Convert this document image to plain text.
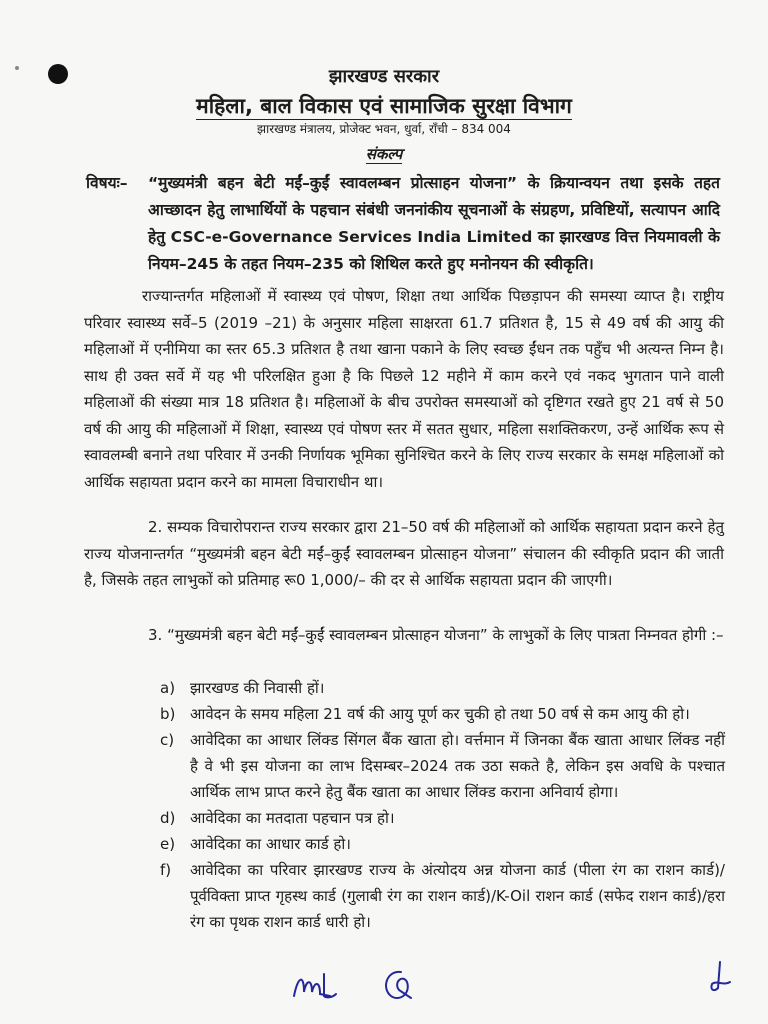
झारखण्ड सरकार
महिला, बाल विकास एवं सामाजिक सुरक्षा विभाग
झारखण्ड मंत्रालय, प्रोजेक्ट भवन, धुर्वा, राँची – 834 004
संकल्प
विषयः– “मुख्यमंत्री बहन बेटी मईं–कुईं स्वावलम्बन प्रोत्साहन योजना” के क्रियान्वयन तथा इसके तहत आच्छादन हेतु लाभार्थियों के पहचान संबंधी जननांकीय सूचनाओं के संग्रहण, प्रविष्टियों, सत्यापन आदि हेतु CSC-e-Governance Services India Limited का झारखण्ड वित्त नियमावली के नियम–245 के तहत नियम–235 को शिथिल करते हुए मनोनयन की स्वीकृति।
राज्यान्तर्गत महिलाओं में स्वास्थ्य एवं पोषण, शिक्षा तथा आर्थिक पिछड़ापन की समस्या व्याप्त है। राष्ट्रीय परिवार स्वास्थ्य सर्वे–5 (2019 –21) के अनुसार महिला साक्षरता 61.7 प्रतिशत है, 15 से 49 वर्ष की आयु की महिलाओं में एनीमिया का स्तर 65.3 प्रतिशत है तथा खाना पकाने के लिए स्वच्छ ईंधन तक पहुँच भी अत्यन्त निम्न है। साथ ही उक्त सर्वे में यह भी परिलक्षित हुआ है कि पिछले 12 महीने में काम करने एवं नकद भुगतान पाने वाली महिलाओं की संख्या मात्र 18 प्रतिशत है। महिलाओं के बीच उपरोक्त समस्याओं को दृष्टिगत रखते हुए 21 वर्ष से 50 वर्ष की आयु की महिलाओं में शिक्षा, स्वास्थ्य एवं पोषण स्तर में सतत सुधार, महिला सशक्तिकरण, उन्हें आर्थिक रूप से स्वावलम्बी बनाने तथा परिवार में उनकी निर्णायक भूमिका सुनिश्चित करने के लिए राज्य सरकार के समक्ष महिलाओं को आर्थिक सहायता प्रदान करने का मामला विचाराधीन था।
2. सम्यक विचारोपरान्त राज्य सरकार द्वारा 21–50 वर्ष की महिलाओं को आर्थिक सहायता प्रदान करने हेतु राज्य योजनान्तर्गत “मुख्यमंत्री बहन बेटी मईं–कुईं स्वावलम्बन प्रोत्साहन योजना” संचालन की स्वीकृति प्रदान की जाती है, जिसके तहत लाभुकों को प्रतिमाह रू0 1,000/– की दर से आर्थिक सहायता प्रदान की जाएगी।
3. “मुख्यमंत्री बहन बेटी मईं–कुईं स्वावलम्बन प्रोत्साहन योजना” के लाभुकों के लिए पात्रता निम्नवत होगी :–
a) झारखण्ड की निवासी हों।
b) आवेदन के समय महिला 21 वर्ष की आयु पूर्ण कर चुकी हो तथा 50 वर्ष से कम आयु की हो।
c)	आवेदिका का आधार लिंक्ड सिंगल बैंक खाता हो। वर्त्तमान में जिनका बैंक खाता आधार लिंक्ड नहीं है वे भी इस योजना का लाभ दिसम्बर–2024 तक उठा सकते है, लेकिन इस अवधि के पश्चात आर्थिक लाभ प्राप्त करने हेतु बैंक खाता का आधार लिंक्ड कराना अनिवार्य होगा।
d) आवेदिका का मतदाता पहचान पत्र हो।
e) आवेदिका का आधार कार्ड हो।
f)	आवेदिका का परिवार झारखण्ड राज्य के अंत्योदय अन्न योजना कार्ड (पीला रंग का राशन कार्ड)/पूर्वविक्ता प्राप्त गृहस्थ कार्ड (गुलाबी रंग का राशन कार्ड)/K-Oil राशन कार्ड (सफेद राशन कार्ड)/हरा रंग का पृथक राशन कार्ड धारी हो।
